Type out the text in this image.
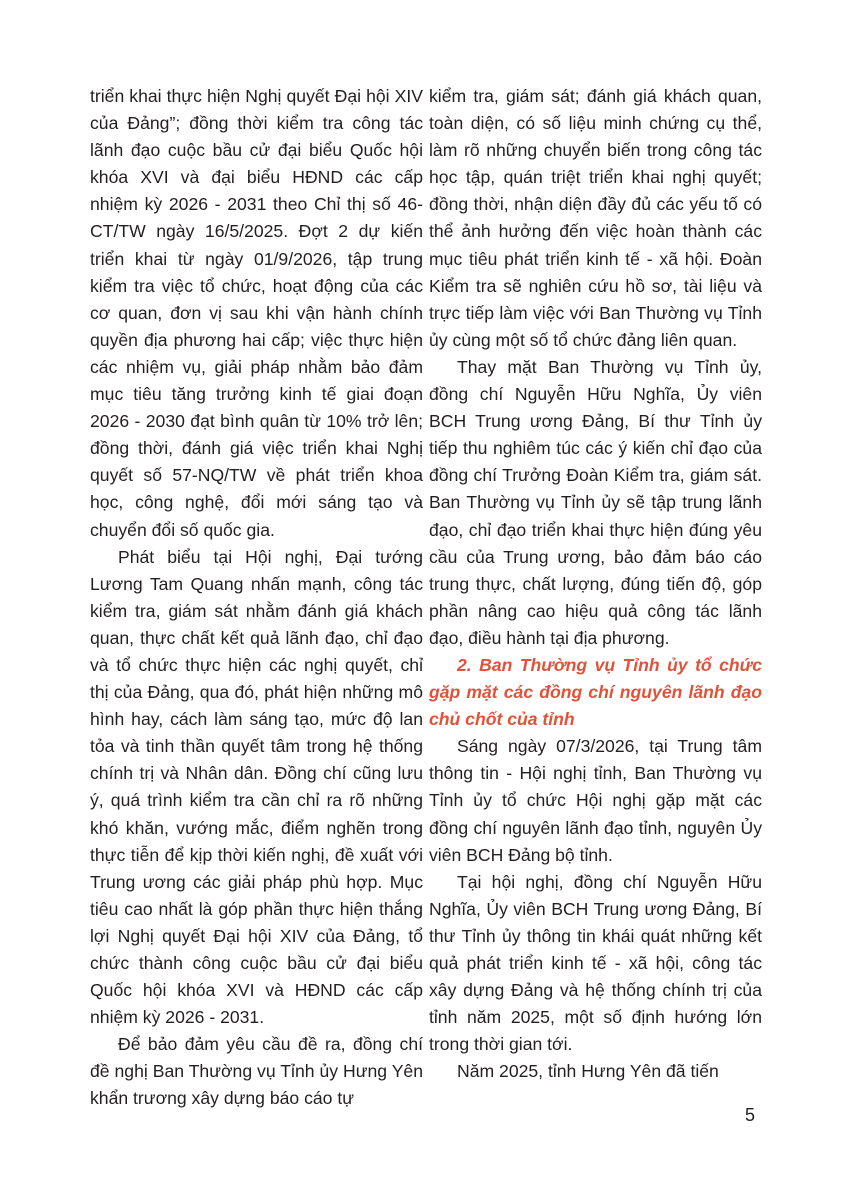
triển khai thực hiện Nghị quyết Đại hội XIV của Đảng”; đồng thời kiểm tra công tác lãnh đạo cuộc bầu cử đại biểu Quốc hội khóa XVI và đại biểu HĐND các cấp nhiệm kỳ 2026 - 2031 theo Chỉ thị số 46-CT/TW ngày 16/5/2025. Đợt 2 dự kiến triển khai từ ngày 01/9/2026, tập trung kiểm tra việc tổ chức, hoạt động của các cơ quan, đơn vị sau khi vận hành chính quyền địa phương hai cấp; việc thực hiện các nhiệm vụ, giải pháp nhằm bảo đảm mục tiêu tăng trưởng kinh tế giai đoạn 2026 - 2030 đạt bình quân từ 10% trở lên; đồng thời, đánh giá việc triển khai Nghị quyết số 57-NQ/TW về phát triển khoa học, công nghệ, đổi mới sáng tạo và chuyển đổi số quốc gia.

Phát biểu tại Hội nghị, Đại tướng Lương Tam Quang nhấn mạnh, công tác kiểm tra, giám sát nhằm đánh giá khách quan, thực chất kết quả lãnh đạo, chỉ đạo và tổ chức thực hiện các nghị quyết, chỉ thị của Đảng, qua đó, phát hiện những mô hình hay, cách làm sáng tạo, mức độ lan tỏa và tinh thần quyết tâm trong hệ thống chính trị và Nhân dân. Đồng chí cũng lưu ý, quá trình kiểm tra cần chỉ ra rõ những khó khăn, vướng mắc, điểm nghẽn trong thực tiễn để kịp thời kiến nghị, đề xuất với Trung ương các giải pháp phù hợp. Mục tiêu cao nhất là góp phần thực hiện thắng lợi Nghị quyết Đại hội XIV của Đảng, tổ chức thành công cuộc bầu cử đại biểu Quốc hội khóa XVI và HĐND các cấp nhiệm kỳ 2026 - 2031.

Để bảo đảm yêu cầu đề ra, đồng chí đề nghị Ban Thường vụ Tỉnh ủy Hưng Yên khẩn trương xây dựng báo cáo tự

kiểm tra, giám sát; đánh giá khách quan, toàn diện, có số liệu minh chứng cụ thể, làm rõ những chuyển biến trong công tác học tập, quán triệt triển khai nghị quyết; đồng thời, nhận diện đầy đủ các yếu tố có thể ảnh hưởng đến việc hoàn thành các mục tiêu phát triển kinh tế - xã hội. Đoàn Kiểm tra sẽ nghiên cứu hồ sơ, tài liệu và trực tiếp làm việc với Ban Thường vụ Tỉnh ủy cùng một số tổ chức đảng liên quan.

Thay mặt Ban Thường vụ Tỉnh ủy, đồng chí Nguyễn Hữu Nghĩa, Ủy viên BCH Trung ương Đảng, Bí thư Tỉnh ủy tiếp thu nghiêm túc các ý kiến chỉ đạo của đồng chí Trưởng Đoàn Kiểm tra, giám sát. Ban Thường vụ Tỉnh ủy sẽ tập trung lãnh đạo, chỉ đạo triển khai thực hiện đúng yêu cầu của Trung ương, bảo đảm báo cáo trung thực, chất lượng, đúng tiến độ, góp phần nâng cao hiệu quả công tác lãnh đạo, điều hành tại địa phương.

2. Ban Thường vụ Tỉnh ủy tổ chức gặp mặt các đồng chí nguyên lãnh đạo chủ chốt của tỉnh

Sáng ngày 07/3/2026, tại Trung tâm thông tin - Hội nghị tỉnh, Ban Thường vụ Tỉnh ủy tổ chức Hội nghị gặp mặt các đồng chí nguyên lãnh đạo tỉnh, nguyên Ủy viên BCH Đảng bộ tỉnh.

Tại hội nghị, đồng chí Nguyễn Hữu Nghĩa, Ủy viên BCH Trung ương Đảng, Bí thư Tỉnh ủy thông tin khái quát những kết quả phát triển kinh tế - xã hội, công tác xây dựng Đảng và hệ thống chính trị của tỉnh năm 2025, một số định hướng lớn trong thời gian tới.

Năm 2025, tỉnh Hưng Yên đã tiến

5
